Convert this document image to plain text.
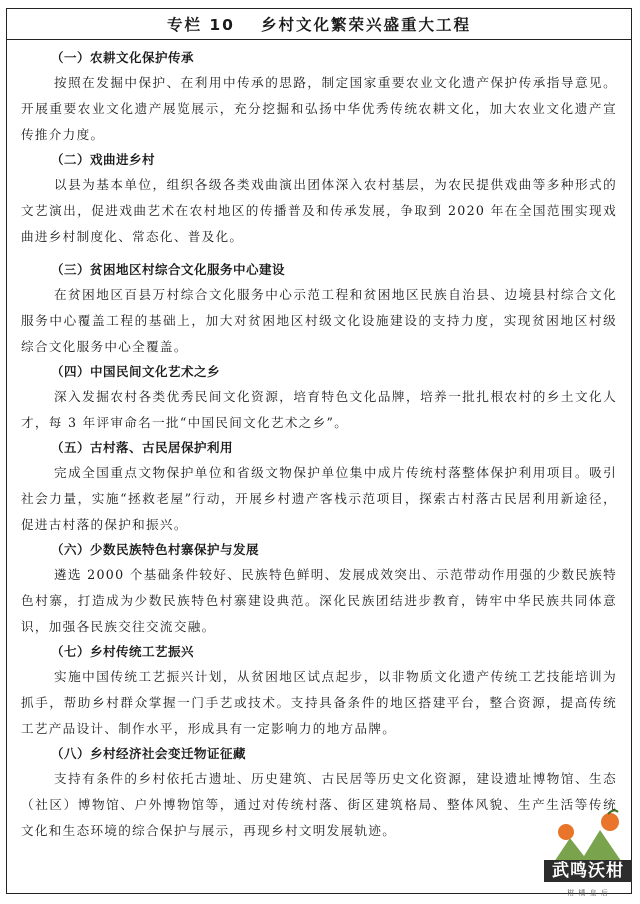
专栏 10 乡村文化繁荣兴盛重大工程
（一）农耕文化保护传承

按照在发掘中保护、在利用中传承的思路，制定国家重要农业文化遗产保护传承指导意见。开展重要农业文化遗产展览展示，充分挖掘和弘扬中华优秀传统农耕文化，加大农业文化遗产宣传推介力度。

（二）戏曲进乡村

以县为基本单位，组织各级各类戏曲演出团体深入农村基层，为农民提供戏曲等多种形式的文艺演出，促进戏曲艺术在农村地区的传播普及和传承发展，争取到 2020 年在全国范围实现戏曲进乡村制度化、常态化、普及化。

（三）贫困地区村综合文化服务中心建设

在贫困地区百县万村综合文化服务中心示范工程和贫困地区民族自治县、边境县村综合文化服务中心覆盖工程的基础上，加大对贫困地区村级文化设施建设的支持力度，实现贫困地区村级综合文化服务中心全覆盖。

（四）中国民间文化艺术之乡

深入发掘农村各类优秀民间文化资源，培育特色文化品牌，培养一批扎根农村的乡土文化人才，每 3 年评审命名一批“中国民间文化艺术之乡”。

（五）古村落、古民居保护利用

完成全国重点文物保护单位和省级文物保护单位集中成片传统村落整体保护利用项目。吸引社会力量，实施“拯救老屋”行动，开展乡村遗产客栈示范项目，探索古村落古民居利用新途径，促进古村落的保护和振兴。

（六）少数民族特色村寨保护与发展

遴选 2000 个基础条件较好、民族特色鲜明、发展成效突出、示范带动作用强的少数民族特色村寨，打造成为少数民族特色村寨建设典范。深化民族团结进步教育，铸牢中华民族共同体意识，加强各民族交往交流交融。

（七）乡村传统工艺振兴

实施中国传统工艺振兴计划，从贫困地区试点起步，以非物质文化遗产传统工艺技能培训为抓手，帮助乡村群众掌握一门手艺或技术。支持具备条件的地区搭建平台，整合资源，提高传统工艺产品设计、制作水平，形成具有一定影响力的地方品牌。

（八）乡村经济社会变迁物证征藏

支持有条件的乡村依托古遗址、历史建筑、古民居等历史文化资源，建设遗址博物馆、生态（社区）博物馆、户外博物馆等，通过对传统村落、街区建筑格局、整体风貌、生产生活等传统文化和生态环境的综合保护与展示，再现乡村文明发展轨迹。

武鸣沃柑
柑 橘 皇 后
